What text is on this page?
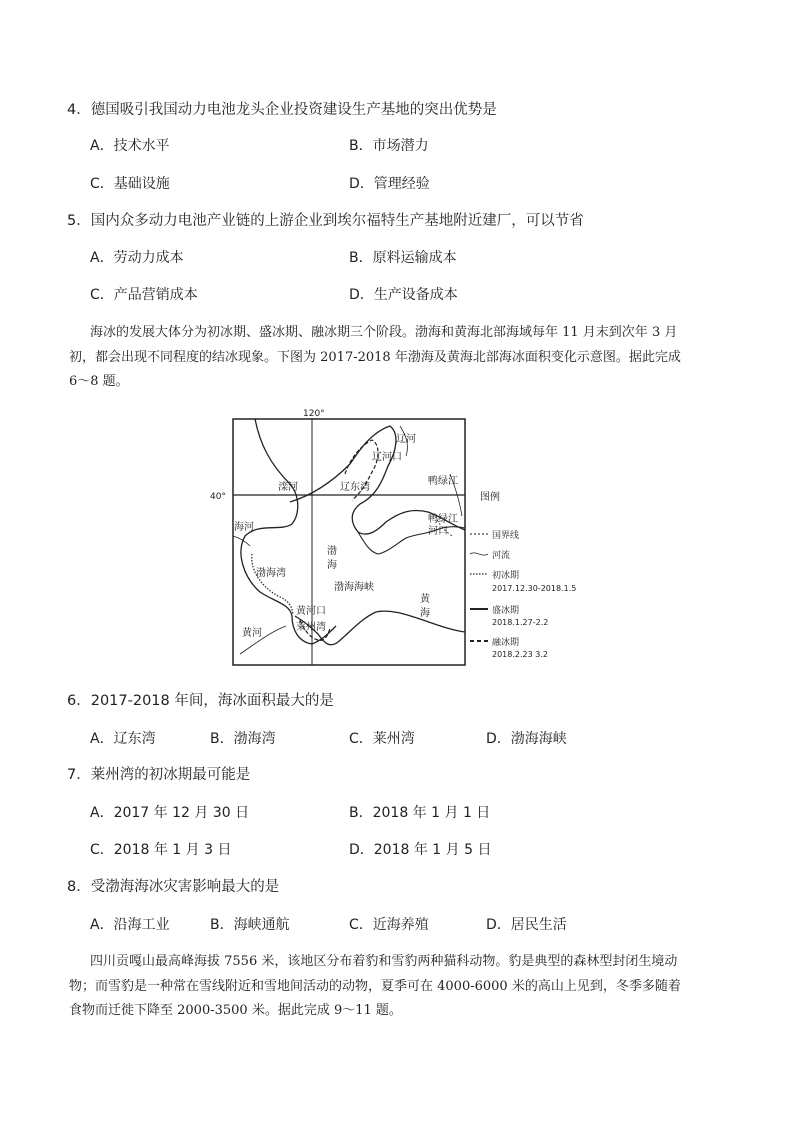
4．德国吸引我国动力电池龙头企业投资建设生产基地的突出优势是
A．技术水平	B．市场潜力
C．基础设施	D．管理经验
5．国内众多动力电池产业链的上游企业到埃尔福特生产基地附近建厂，可以节省
A．劳动力成本	B．原料运输成本
C．产品营销成本	D．生产设备成本
海冰的发展大体分为初冰期、盛冰期、融冰期三个阶段。渤海和黄海北部海域每年 11 月末到次年 3 月
初，都会出现不同程度的结冰现象。下图为 2017-2018 年渤海及黄海北部海冰面积变化示意图。据此完成
6～8 题。
120°
40°
辽河
辽河口
滦河	辽东湾
鸭绿江
鸭绿江
河口
海河
渤海湾
渤
海
渤海海峡
黄
海
黄河口
莱州湾
黄河
图例
国界线
河流
初冰期
2017.12.30-2018.1.5
盛冰期
2018.1.27-2.2
融冰期
2018.2.23 3.2
6．2017-2018 年间，海冰面积最大的是
A．辽东湾	B．渤海湾	C．莱州湾	D．渤海海峡
7．莱州湾的初冰期最可能是
A．2017 年 12 月 30 日	B．2018 年 1 月 1 日
C．2018 年 1 月 3 日	D．2018 年 1 月 5 日
8．受渤海海冰灾害影响最大的是
A．沿海工业	B．海峡通航	C．近海养殖	D．居民生活
四川贡嘎山最高峰海拔 7556 米，该地区分布着豹和雪豹两种猫科动物。豹是典型的森林型封闭生境动
物；而雪豹是一种常在雪线附近和雪地间活动的动物，夏季可在 4000-6000 米的高山上见到，冬季多随着
食物而迁徙下降至 2000-3500 米。据此完成 9～11 题。
